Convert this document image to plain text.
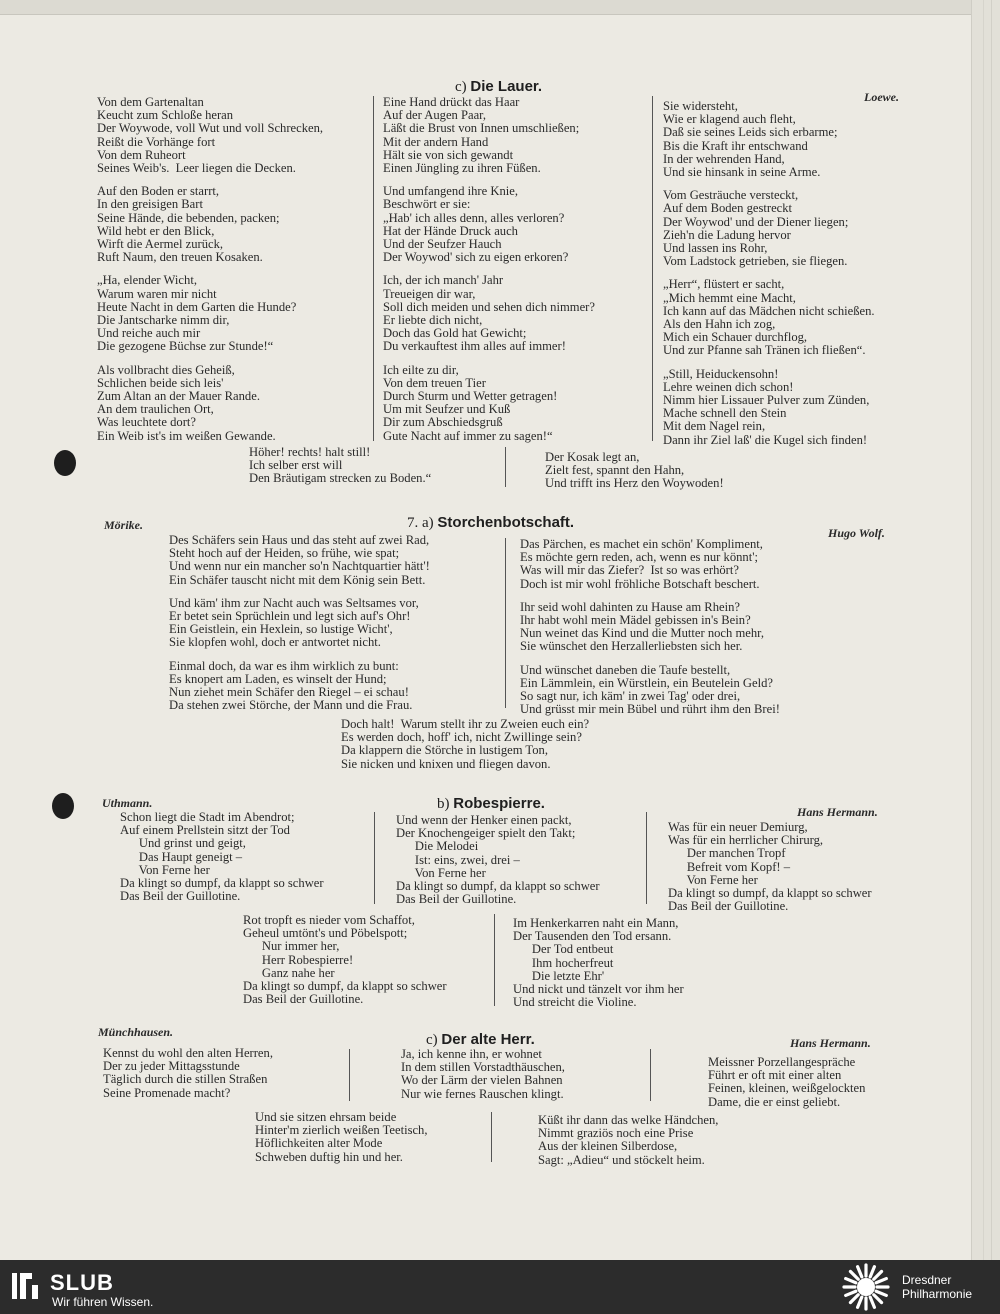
c) Die Lauer.
Loewe.
Von dem Gartenaltan
Keucht zum Schloße heran
Der Woywode, voll Wut und voll Schrecken,
Reißt die Vorhänge fort
Von dem Ruheort
Seines Weib's.  Leer liegen die Decken.
Auf den Boden er starrt,
In den greisigen Bart
Seine Hände, die bebenden, packen;
Wild hebt er den Blick,
Wirft die Aermel zurück,
Ruft Naum, den treuen Kosaken.
„Ha, elender Wicht,
Warum waren mir nicht
Heute Nacht in dem Garten die Hunde?
Die Jantscharke nimm dir,
Und reiche auch mir
Die gezogene Büchse zur Stunde!“
Als vollbracht dies Geheiß,
Schlichen beide sich leis'
Zum Altan an der Mauer Rande.
An dem traulichen Ort,
Was leuchtete dort?
Ein Weib ist's im weißen Gewande.
Eine Hand drückt das Haar
Auf der Augen Paar,
Läßt die Brust von Innen umschließen;
Mit der andern Hand
Hält sie von sich gewandt
Einen Jüngling zu ihren Füßen.
Und umfangend ihre Knie,
Beschwört er sie:
„Hab' ich alles denn, alles verloren?
Hat der Hände Druck auch
Und der Seufzer Hauch
Der Woywod' sich zu eigen erkoren?
Ich, der ich manch' Jahr
Treueigen dir war,
Soll dich meiden und sehen dich nimmer?
Er liebte dich nicht,
Doch das Gold hat Gewicht;
Du verkauftest ihm alles auf immer!
Ich eilte zu dir,
Von dem treuen Tier
Durch Sturm und Wetter getragen!
Um mit Seufzer und Kuß
Dir zum Abschiedsgruß
Gute Nacht auf immer zu sagen!“
Sie widersteht,
Wie er klagend auch fleht,
Daß sie seines Leids sich erbarme;
Bis die Kraft ihr entschwand
In der wehrenden Hand,
Und sie hinsank in seine Arme.
Vom Gesträuche versteckt,
Auf dem Boden gestreckt
Der Woywod' und der Diener liegen;
Zieh'n die Ladung hervor
Und lassen ins Rohr,
Vom Ladstock getrieben, sie fliegen.
„Herr“, flüstert er sacht,
„Mich hemmt eine Macht,
Ich kann auf das Mädchen nicht schießen.
Als den Hahn ich zog,
Mich ein Schauer durchflog,
Und zur Pfanne sah Tränen ich fließen“.
„Still, Heiduckensohn!
Lehre weinen dich schon!
Nimm hier Lissauer Pulver zum Zünden,
Mache schnell den Stein
Mit dem Nagel rein,
Dann ihr Ziel laß' die Kugel sich finden!
Höher! rechts! halt still!
Ich selber erst will
Den Bräutigam strecken zu Boden.“
Der Kosak legt an,
Zielt fest, spannt den Hahn,
Und trifft ins Herz den Woywoden!
Mörike.	7. a) Storchenbotschaft.
Hugo Wolf.
Des Schäfers sein Haus und das steht auf zwei Rad,
Steht hoch auf der Heiden, so frühe, wie spat;
Und wenn nur ein mancher so'n Nachtquartier hätt'!
Ein Schäfer tauscht nicht mit dem König sein Bett.
Und käm' ihm zur Nacht auch was Seltsames vor,
Er betet sein Sprüchlein und legt sich auf's Ohr!
Ein Geistlein, ein Hexlein, so lustige Wicht',
Sie klopfen wohl, doch er antwortet nicht.
Einmal doch, da war es ihm wirklich zu bunt:
Es knopert am Laden, es winselt der Hund;
Nun ziehet mein Schäfer den Riegel – ei schau!
Da stehen zwei Störche, der Mann und die Frau.
Das Pärchen, es machet ein schön' Kompliment,
Es möchte gern reden, ach, wenn es nur könnt';
Was will mir das Ziefer?  Ist so was erhört?
Doch ist mir wohl fröhliche Botschaft beschert.
Ihr seid wohl dahinten zu Hause am Rhein?
Ihr habt wohl mein Mädel gebissen in's Bein?
Nun weinet das Kind und die Mutter noch mehr,
Sie wünschet den Herzallerliebsten sich her.
Und wünschet daneben die Taufe bestellt,
Ein Lämmlein, ein Würstlein, ein Beutelein Geld?
So sagt nur, ich käm' in zwei Tag' oder drei,
Und grüsst mir mein Bübel und rührt ihm den Brei!
Doch halt!  Warum stellt ihr zu Zweien euch ein?
Es werden doch, hoff' ich, nicht Zwillinge sein?
Da klappern die Störche in lustigem Ton,
Sie nicken und knixen und fliegen davon.
Uthmann.	b) Robespierre.	Hans Hermann.
Schon liegt die Stadt im Abendrot;
Auf einem Prellstein sitzt der Tod
Und grinst und geigt,
Das Haupt geneigt –
Von Ferne her
Da klingt so dumpf, da klappt so schwer
Das Beil der Guillotine.
Und wenn der Henker einen packt,
Der Knochengeiger spielt den Takt;
Die Melodei
Ist: eins, zwei, drei –
Von Ferne her
Da klingt so dumpf, da klappt so schwer
Das Beil der Guillotine.
Was für ein neuer Demiurg,
Was für ein herrlicher Chirurg,
Der manchen Tropf
Befreit vom Kopf! –
Von Ferne her
Da klingt so dumpf, da klappt so schwer
Das Beil der Guillotine.
Rot tropft es nieder vom Schaffot,
Geheul umtönt's und Pöbelspott;
Nur immer her,
Herr Robespierre!
Ganz nahe her
Da klingt so dumpf, da klappt so schwer
Das Beil der Guillotine.
Im Henkerkarren naht ein Mann,
Der Tausenden den Tod ersann.
Der Tod entbeut
Ihm hocherfreut
Die letzte Ehr'
Und nickt und tänzelt vor ihm her
Und streicht die Violine.
Münchhausen.	c) Der alte Herr.	Hans Hermann.
Kennst du wohl den alten Herren,
Der zu jeder Mittagsstunde
Täglich durch die stillen Straßen
Seine Promenade macht?
Ja, ich kenne ihn, er wohnet
In dem stillen Vorstadthäuschen,
Wo der Lärm der vielen Bahnen
Nur wie fernes Rauschen klingt.
Meissner Porzellangespräche
Führt er oft mit einer alten
Feinen, kleinen, weißgelockten
Dame, die er einst geliebt.
Und sie sitzen ehrsam beide
Hinter'm zierlich weißen Teetisch,
Höflichkeiten alter Mode
Schweben duftig hin und her.
Küßt ihr dann das welke Händchen,
Nimmt graziös noch eine Prise
Aus der kleinen Silberdose,
Sagt: „Adieu“ und stöckelt heim.
SLUB
Wir führen Wissen.
Dresdner
Philharmonie
